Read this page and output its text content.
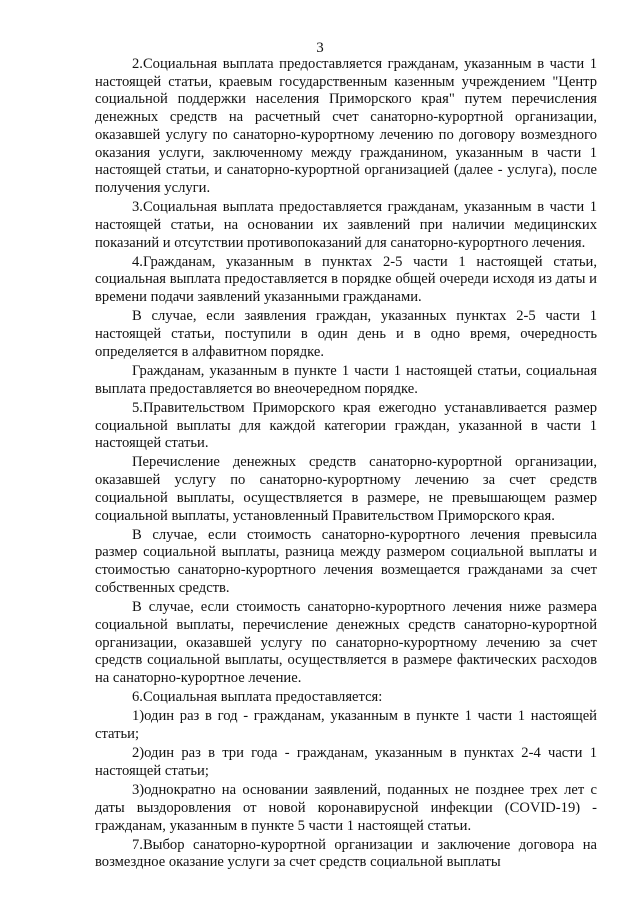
3

2.Социальная выплата предоставляется гражданам, указанным в части 1 настоящей статьи, краевым государственным казенным учреждением "Центр социальной поддержки населения Приморского края" путем перечисления денежных средств на расчетный счет санаторно-курортной организации, оказавшей услугу по санаторно-курортному лечению по договору возмездного оказания услуги, заключенному между гражданином, указанным в части 1 настоящей статьи, и санаторно-курортной организацией (далее - услуга), после получения услуги.

3.Социальная выплата предоставляется гражданам, указанным в части 1 настоящей статьи, на основании их заявлений при наличии медицинских показаний и отсутствии противопоказаний для санаторно-курортного лечения.

4.Гражданам, указанным в пунктах 2-5 части 1 настоящей статьи, социальная выплата предоставляется в порядке общей очереди исходя из даты и времени подачи заявлений указанными гражданами.

В случае, если заявления граждан, указанных пунктах 2-5 части 1 настоящей статьи, поступили в один день и в одно время, очередность определяется в алфавитном порядке.

Гражданам, указанным в пункте 1 части 1 настоящей статьи, социальная выплата предоставляется во внеочередном порядке.

5.Правительством Приморского края ежегодно устанавливается размер социальной выплаты для каждой категории граждан, указанной в части 1 настоящей статьи.

Перечисление денежных средств санаторно-курортной организации, оказавшей услугу по санаторно-курортному лечению за счет средств социальной выплаты, осуществляется в размере, не превышающем размер социальной выплаты, установленный Правительством Приморского края.

В случае, если стоимость санаторно-курортного лечения превысила размер социальной выплаты, разница между размером социальной выплаты и стоимостью санаторно-курортного лечения возмещается гражданами за счет собственных средств.

В случае, если стоимость санаторно-курортного лечения ниже размера социальной выплаты, перечисление денежных средств санаторно-курортной организации, оказавшей услугу по санаторно-курортному лечению за счет средств социальной выплаты, осуществляется в размере фактических расходов на санаторно-курортное лечение.

6.Социальная выплата предоставляется:

1)один раз в год - гражданам, указанным в пункте 1 части 1 настоящей статьи;

2)один раз в три года - гражданам, указанным в пунктах 2-4 части 1 настоящей статьи;

3)однократно на основании заявлений, поданных не позднее трех лет с даты выздоровления от новой коронавирусной инфекции (COVID-19) - гражданам, указанным в пункте 5 части 1 настоящей статьи.

7.Выбор санаторно-курортной организации и заключение договора на возмездное оказание услуги за счет средств социальной выплаты
